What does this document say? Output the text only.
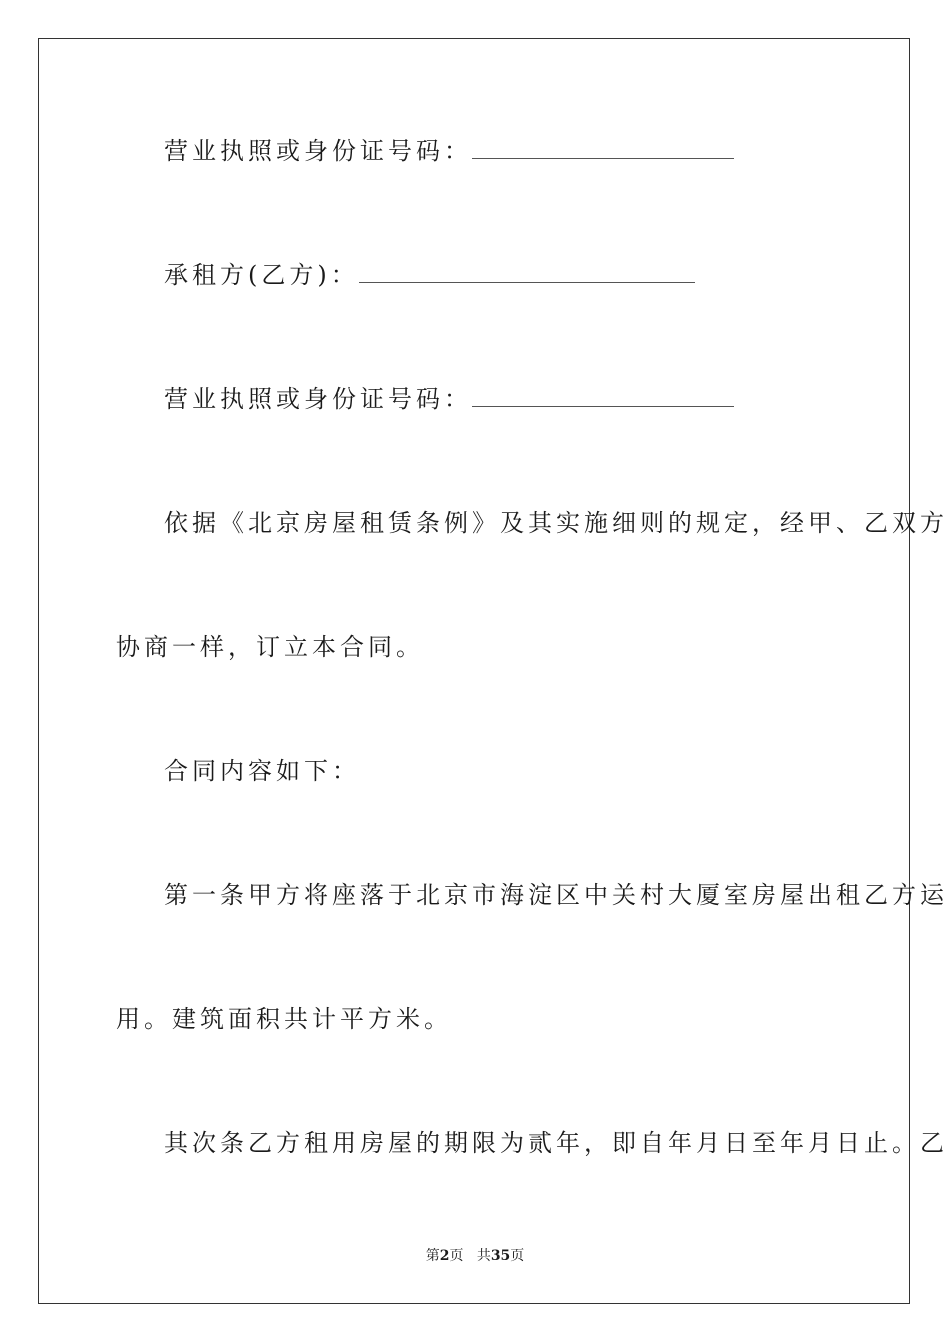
营业执照或身份证号码：
承租方(乙方)：
营业执照或身份证号码：
依据《北京房屋租赁条例》及其实施细则的规定，经甲、乙双方
协商一样，订立本合同。
合同内容如下：
第一条甲方将座落于北京市海淀区中关村大厦室房屋出租乙方运
用。建筑面积共计平方米。
其次条乙方租用房屋的期限为贰年，即自年月日至年月日止。乙
第2页 共35页
